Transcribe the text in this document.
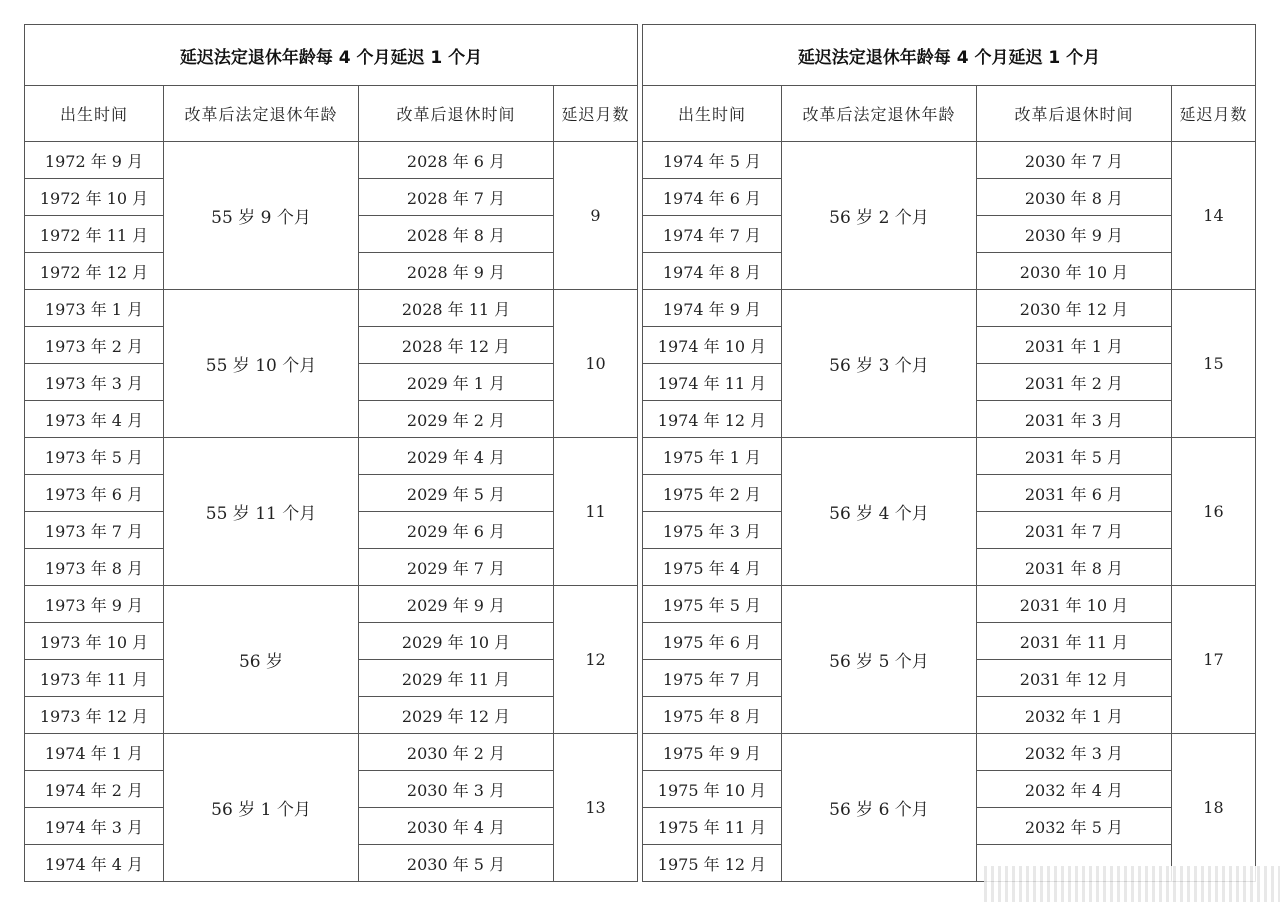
延迟法定退休年龄每 4 个月延迟 1 个月			
出生时间	改革后法定退休年龄	改革后退休时间	延迟月数
1972 年 9 月	55 岁 9 个月	2028 年 6 月	9
1972 年 10 月		2028 年 7 月	
1972 年 11 月		2028 年 8 月	
1972 年 12 月		2028 年 9 月	
1973 年 1 月	55 岁 10 个月	2028 年 11 月	10
1973 年 2 月		2028 年 12 月	
1973 年 3 月		2029 年 1 月	
1973 年 4 月		2029 年 2 月	
1973 年 5 月	55 岁 11 个月	2029 年 4 月	11
1973 年 6 月		2029 年 5 月	
1973 年 7 月		2029 年 6 月	
1973 年 8 月		2029 年 7 月	
1973 年 9 月	56 岁	2029 年 9 月	12
1973 年 10 月		2029 年 10 月	
1973 年 11 月		2029 年 11 月	
1973 年 12 月		2029 年 12 月	
1974 年 1 月	56 岁 1 个月	2030 年 2 月	13
1974 年 2 月		2030 年 3 月	
1974 年 3 月		2030 年 4 月	
1974 年 4 月		2030 年 5 月	
延迟法定退休年龄每 4 个月延迟 1 个月			
出生时间	改革后法定退休年龄	改革后退休时间	延迟月数
1974 年 5 月	56 岁 2 个月	2030 年 7 月	14
1974 年 6 月		2030 年 8 月	
1974 年 7 月		2030 年 9 月	
1974 年 8 月		2030 年 10 月	
1974 年 9 月	56 岁 3 个月	2030 年 12 月	15
1974 年 10 月		2031 年 1 月	
1974 年 11 月		2031 年 2 月	
1974 年 12 月		2031 年 3 月	
1975 年 1 月	56 岁 4 个月	2031 年 5 月	16
1975 年 2 月		2031 年 6 月	
1975 年 3 月		2031 年 7 月	
1975 年 4 月		2031 年 8 月	
1975 年 5 月	56 岁 5 个月	2031 年 10 月	17
1975 年 6 月		2031 年 11 月	
1975 年 7 月		2031 年 12 月	
1975 年 8 月		2032 年 1 月	
1975 年 9 月	56 岁 6 个月	2032 年 3 月	18
1975 年 10 月		2032 年 4 月	
1975 年 11 月		2032 年 5 月	
1975 年 12 月			
